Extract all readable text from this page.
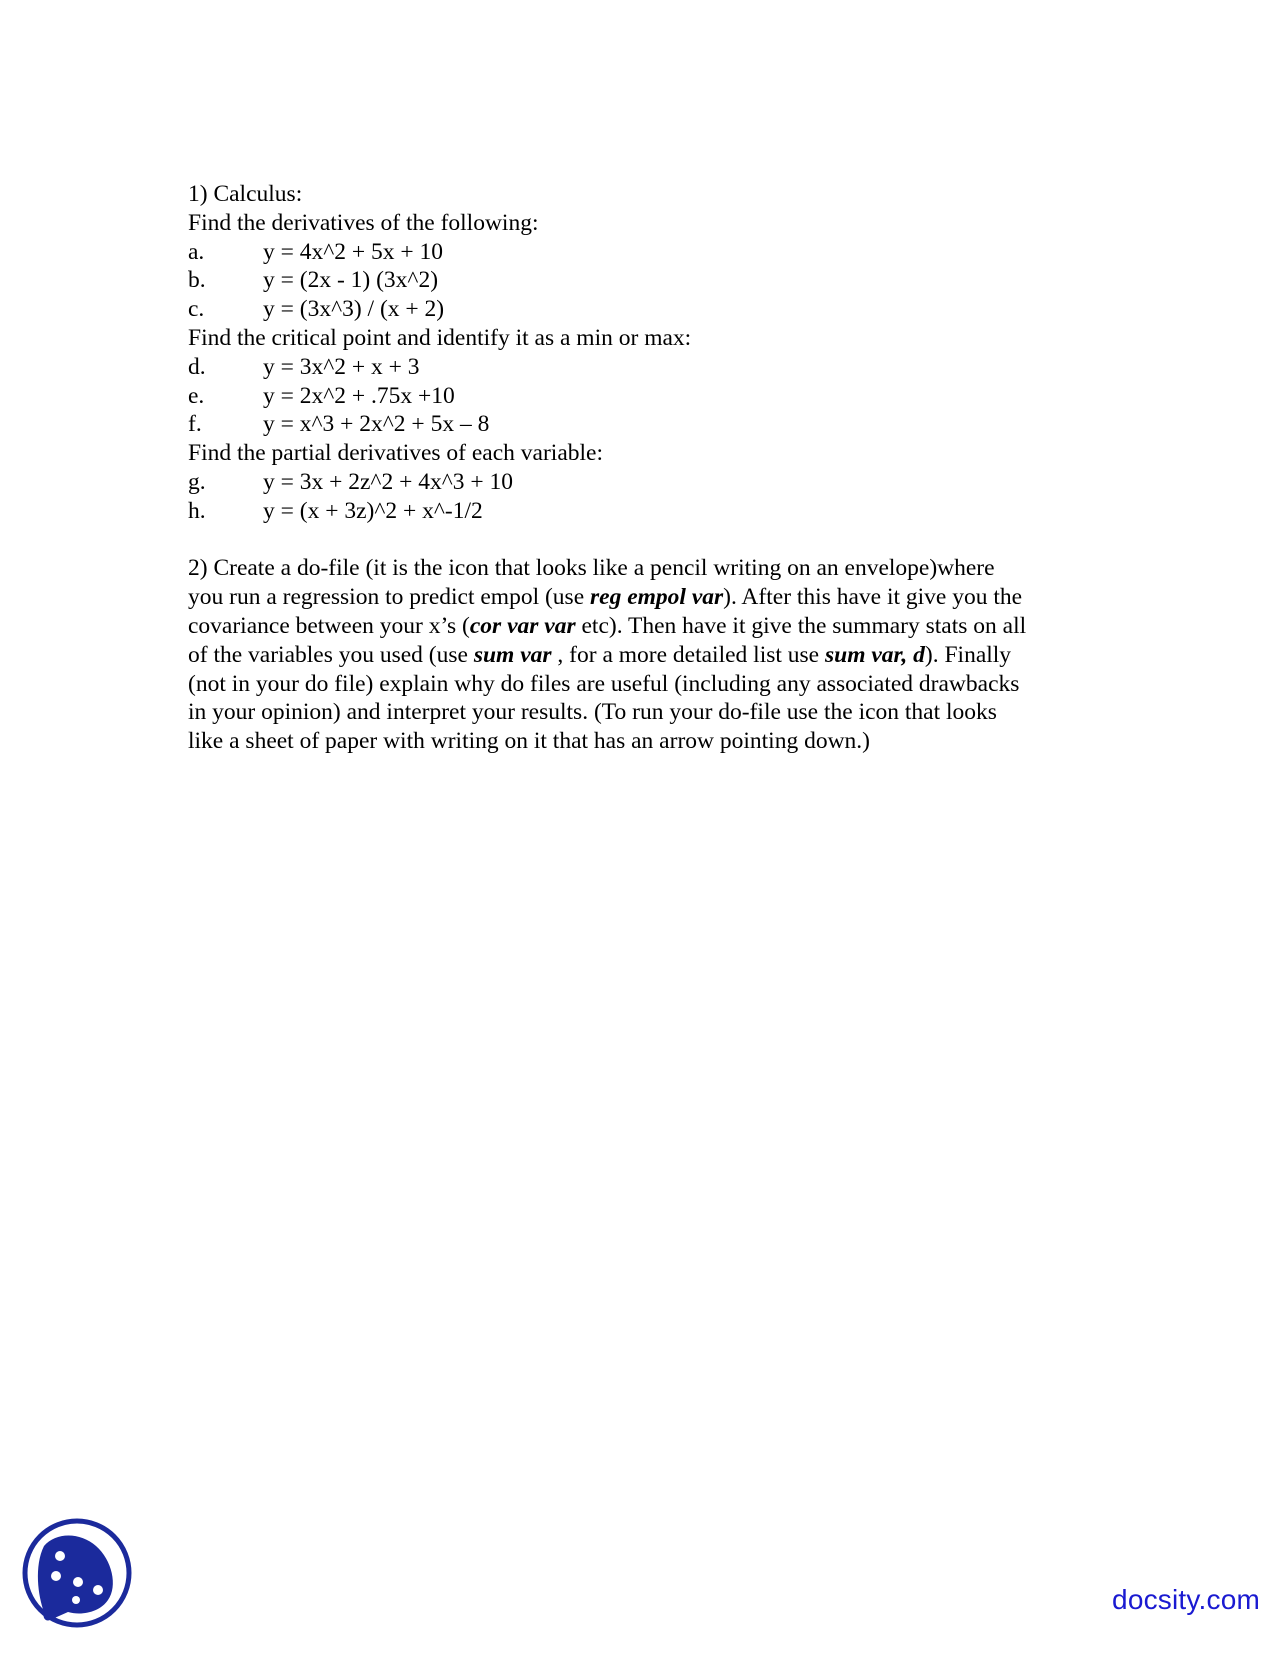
1) Calculus:
Find the derivatives of the following:
a.	y = 4x^2 + 5x + 10
b.	y = (2x - 1) (3x^2)
c.	y = (3x^3) / (x + 2)
Find the critical point and identify it as a min or max:
d.	y = 3x^2 + x + 3
e.	y = 2x^2 + .75x +10
f.	y = x^3 + 2x^2 + 5x – 8
Find the partial derivatives of each variable:
g.	y = 3x + 2z^2 + 4x^3 + 10
h.	y = (x + 3z)^2 + x^-1/2
2) Create a do-file (it is the icon that looks like a pencil writing on an envelope)where
you run a regression to predict empol (use reg empol var). After this have it give you the
covariance between your x’s (cor var var etc). Then have it give the summary stats on all
of the variables you used (use sum var , for a more detailed list use sum var, d). Finally
(not in your do file) explain why do files are useful (including any associated drawbacks
in your opinion) and interpret your results. (To run your do-file use the icon that looks
like a sheet of paper with writing on it that has an arrow pointing down.)
docsity.com
